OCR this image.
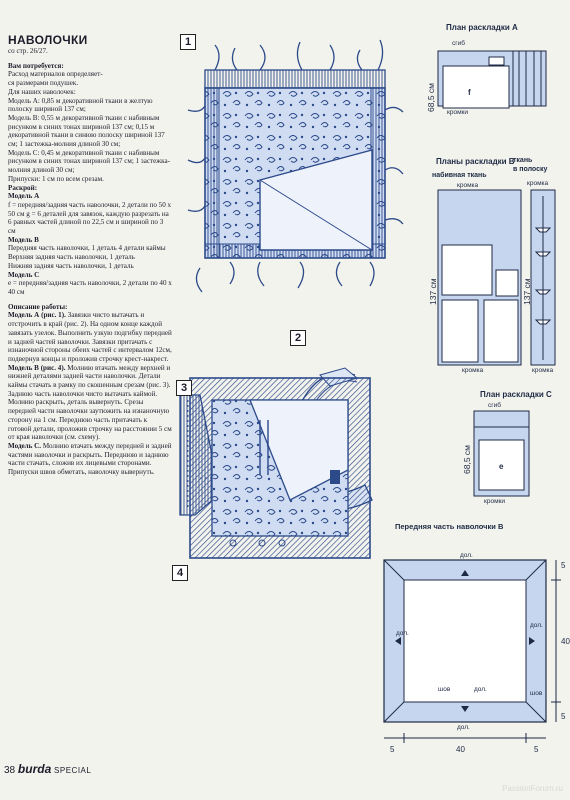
НАВОЛОЧКИ

со стр. 26/27.

Вам потребуется:

Расход материалов определяет-

ся размерами подушек.

Для наших наволочек:

Модель А: 0,85 м декоративной ткани в желтую полоску шириной 137 см;

Модель В: 0,55 м декоративной ткани с набивным рисунком в синих тонах шириной 137 см; 0,15 м декоративной ткани в синюю полоску шириной 137 см; 1 застежка-молния длиной 30 см;

Модель С: 0,45 м декоративной ткани с набивным рисунком в синих тонах шириной 137 см; 1 застежка-молния длиной 30 см;

Припуски: 1 см по всем срезам.

Раскрой:

Модель А

f = передняя/задняя часть наволочки, 2 детали по 50 х 50 см g = 6 деталей для завязок, каждую разрезать на 6 равных частей длиной по 22,5 см и шириной по 3 см

Модель В

Передняя часть наволочки, 1 деталь 4 детали каймы

Верхняя задняя часть наволочки, 1 деталь

Нижняя задняя часть наволочки, 1 деталь

Модель С

е = передняя/задняя часть наволочки, 2 детали по 40 х 40 см

Описание работы:

Модель А (рис. 1). Завязки чисто вытачать и отстрочить в край (рис. 2). На одном конце каждой завязать узелок. Выполнить узкую подгибку передней и задней частей наволочки. Завязки притачать с изнаночной стороны обеих частей с интервалом 12см, подвернув концы и проложив строчку крест-накрест.

Модель В (рис. 4). Молнию втачать между верхней и нижней деталями задней части наволочки. Детали каймы стачать в рамку по скошенным срезам (рис. 3). Заднюю часть наволочки чисто вытачать каймой. Молнию раскрыть, деталь вывернуть. Срезы передней части наволочки заутюжить на изнаночную сторону на 1 см. Переднюю часть притачать к готовой детали, проложив строчку на расстоянии 5 см от края наволочки (см. схему).

Модель С. Молнию втачать между передней и задней частями наволочки и раскрыть. Переднюю и заднюю части стачать, сложив их лицевыми сторонами. Припуски швов обметать, наволочку вывернуть.

1
2
3
4
План раскладки А
сгиб
68,5 см	f
кромки
Планы раскладки В
набивная ткань
ткань
в полоску
кромка	кромка
137 см	137 см
кромка	кромка
План раскладки С
сгиб
68,5 см	е
кромки
Передняя часть наволочки В
дол.
дол.
дол.
дол.
шов	дол.
шов
5	40	5
5
40
5
38 burda SPECIAL
PassionForum.ru
